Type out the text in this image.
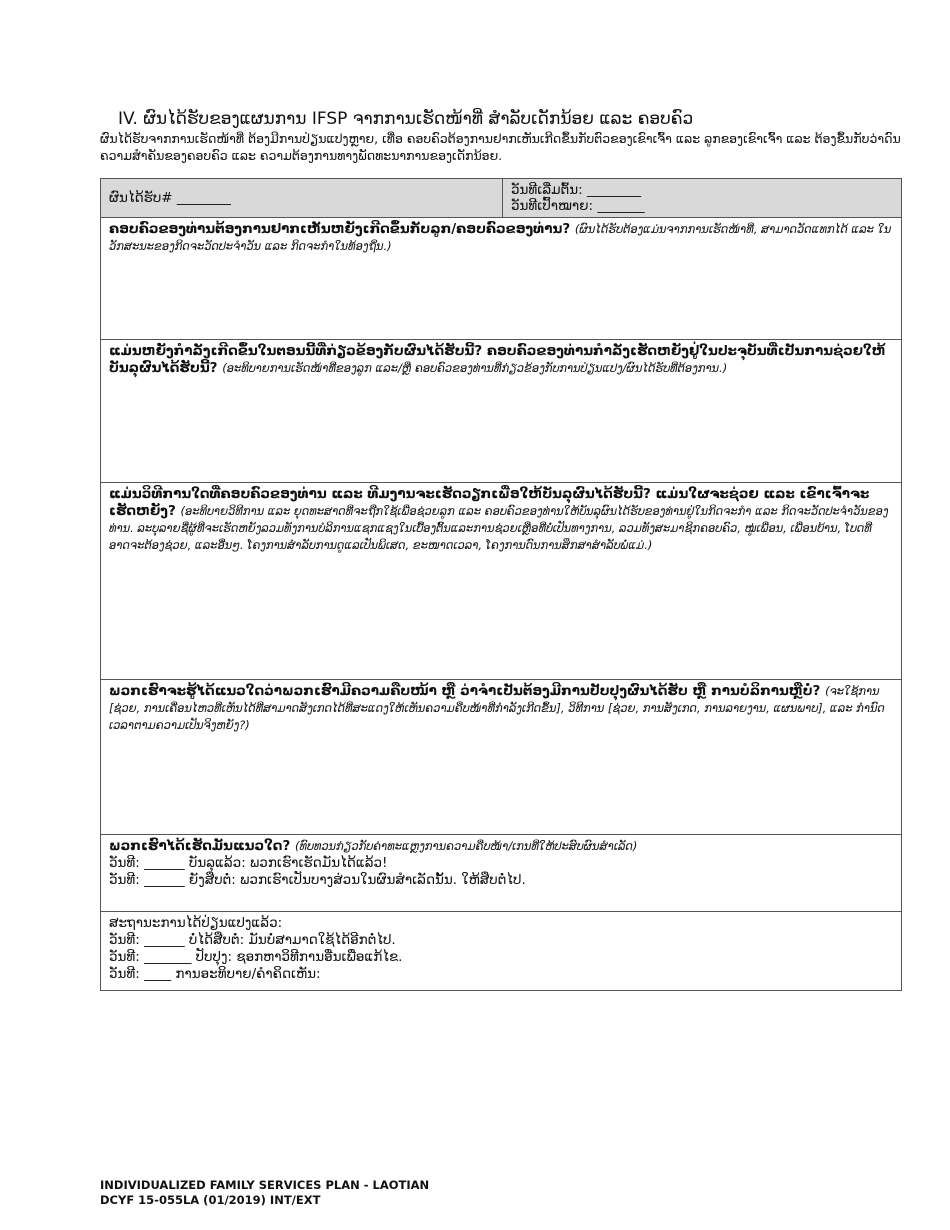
IV. ຜົນໄດ້ຮັບຂອງແຜນການ IFSP ຈາກການເຮັດໜ້າທີ່ ສໍາລັບເດັກນ້ອຍ ແລະ ຄອບຄົວ
ຜົນໄດ້ຮັບຈາກການເຮັດໜ້າທີ່ ຕ້ອງມີການປ່ຽນແປງຫຼາຍ, ເທື່ອ ຄອບຄົວຕ້ອງການຢາກເຫັນເກີດຂຶ້ນກັບຕົວຂອງເຂົາເຈົ້າ ແລະ ລູກຂອງເຂົາເຈົ້າ ແລະ ຕ້ອງຂຶ້ນກັບວ່າດົນຄວາມສໍາຄັນຂອງຄອບຄົວ ແລະ ຄວາມຕ້ອງການທາງພັດທະນາການຂອງເດັກນ້ອຍ.
ຜົນໄດ້ຮັບ# ________	ວັນທີເລີ່ມຕົ້ນ: ________
ວັນທີເປົ້າໝາຍ: _______

ຄອບຄົວຂອງທ່ານຕ້ອງການຢາກເຫັນຫຍັງເກີດຂຶ້ນກັບລູກ/ຄອບຄົວຂອງທ່ານ? (ຜົນໄດ້ຮັບຕ້ອງແມ່ນຈາກການເຮັດໜ້າທີ່, ສາມາດວັດແທກໄດ້ ແລະ ໃນວັກສະນະຂອງກິດຈະວັດປະຈໍາວັນ ແລະ ກິດຈະກໍາໃນທ້ອງຖິ່ນ.)

ແມ່ນຫຍັງກໍາລັງເກີດຂຶ້ນໃນຕອນນີ້ທີ່ກ່ຽວຂ້ອງກັບຜົນໄດ້ຮັບນີ້? ຄອບຄົວຂອງທ່ານກໍາລັງເຮັດຫຍັງຢູ່ໃນປະຈຸບັນທີ່ເປັນການຊ່ວຍໃຫ້ບັນລຸຜົນໄດ້ຮັບນີ້? (ອະທິບາຍການເຮັດໜ້າທີ່ຂອງລູກ ແລະ/ຫຼື ຄອບຄົວຂອງທ່ານທີ່ກ່ຽວຂ້ອງກັບການປ່ຽນແປງ/ຜົນໄດ້ຮັບທີ່ຕ້ອງການ.)

ແມ່ນວິທີການໃດທີ່ຄອບຄົວຂອງທ່ານ ແລະ ທີມງານຈະເຮັດວຽກເພື່ອໃຫ້ບັນລຸຜົນໄດ້ຮັບນີ້? ແມ່ນໃຜຈະຊ່ວຍ ແລະ ເຂົາເຈົ້າຈະເຮັດຫຍັງ? (ອະທິບາຍວິທີການ ແລະ ຍຸດທະສາດທີ່ຈະຖືກໃຊ້ເພື່ອຊ່ວຍລູກ ແລະ ຄອບຄົວຂອງທ່ານໃຫ້ບັນລຸຜົນໄດ້ຮັບຂອງທ່ານຢູ່ໃນກິດຈະກໍາ ແລະ ກິດຈະວັດປະຈໍາວັນຂອງທ່ານ. ລະບຸລາຍຊື່ຜູ້ທີ່ຈະເຮັດຫຍັງລວມທັງການບໍລິການແຊກແຊງໃນເບື້ອງຕົ້ນແລະການຊ່ວຍເຫຼືອທີ່ບໍ່ເປັນທາງການ, ລວມທັງສະມາຊິກຄອບຄົວ, ໝູ່ເພື່ອນ, ເພື່ອນບ້ານ, ໂບດທີ່ອາດຈະຕ້ອງຊ່ວຍ, ແລະອື່ນໆ. ໂຄງການສໍາລັບການດູແລເປັນພິເສດ, ຂະໜາດເວລາ, ໂຄງການດົນການສຶກສາສໍາລັບພໍ່ແມ່.)

ພວກເຮົາຈະຮູ້ໄດ້ແນວໃດວ່າພວກເຮົາມີຄວາມຄືບໜ້າ ຫຼື ວ່າຈໍາເປັນຕ້ອງມີການປັບປຸງຜົນໄດ້ຮັບ ຫຼື ການບໍລິການຫຼືບໍ່? (ຈະໃຊ້ການ [ຊ່ວຍ, ການເຄື່ອນໄຫວທີ່ເຫັນໄດ້ທີ່ສາມາດສັງເກດໄດ້ທີ່ສະແດງໃຫ້ເຫັນຄວາມຄືບໜ້າທີ່ກໍາລັງເກີດຂຶ້ນ], ວິທີການ [ຊ່ວຍ, ການສັງເກດ, ການລາຍງານ, ແຜນພາບ], ແລະ ກໍານົດເວລາຕາມຄວາມເປັນຈິງຫຍັງ?)

ພວກເຮົາໄດ້ເຮັດມັນແນວໃດ? (ທົບທວນກ່ຽວກັບຄ່າທະແຫຼງການຄວາມຄືບໜ້າ/ເກນທີ່ໃຫ້ປະສົບຜົນສໍາເລັດ)
ວັນທີ: ______ ບັນລຸແລ້ວ: ພວກເຮົາເຮັດມັນໄດ້ແລ້ວ!
ວັນທີ: ______ ຍັງສືບຕໍ່: ພວກເຮົາເປັນບາງສ່ວນໃນຜົນສໍາເລັດນັ້ນ. ໃຫ້ສືບຕໍ່ໄປ.

ສະຖານະການໄດ້ປ່ຽນແປງແລ້ວ:
ວັນທີ: ______ ບໍ່ໄດ້ສືບຕໍ່: ມັນບໍ່ສາມາດໃຊ້ໄດ້ອີກຕໍ່ໄປ.
ວັນທີ: _______ ປັບປຸງ: ຊອກຫາວິທີການອື່ນເພື່ອແກ້ໄຂ.
ວັນທີ: ____ ການອະທິບາຍ/ຄໍາຄິດເຫັນ:
INDIVIDUALIZED FAMILY SERVICES PLAN - LAOTIAN
DCYF 15-055LA (01/2019) INT/EXT
